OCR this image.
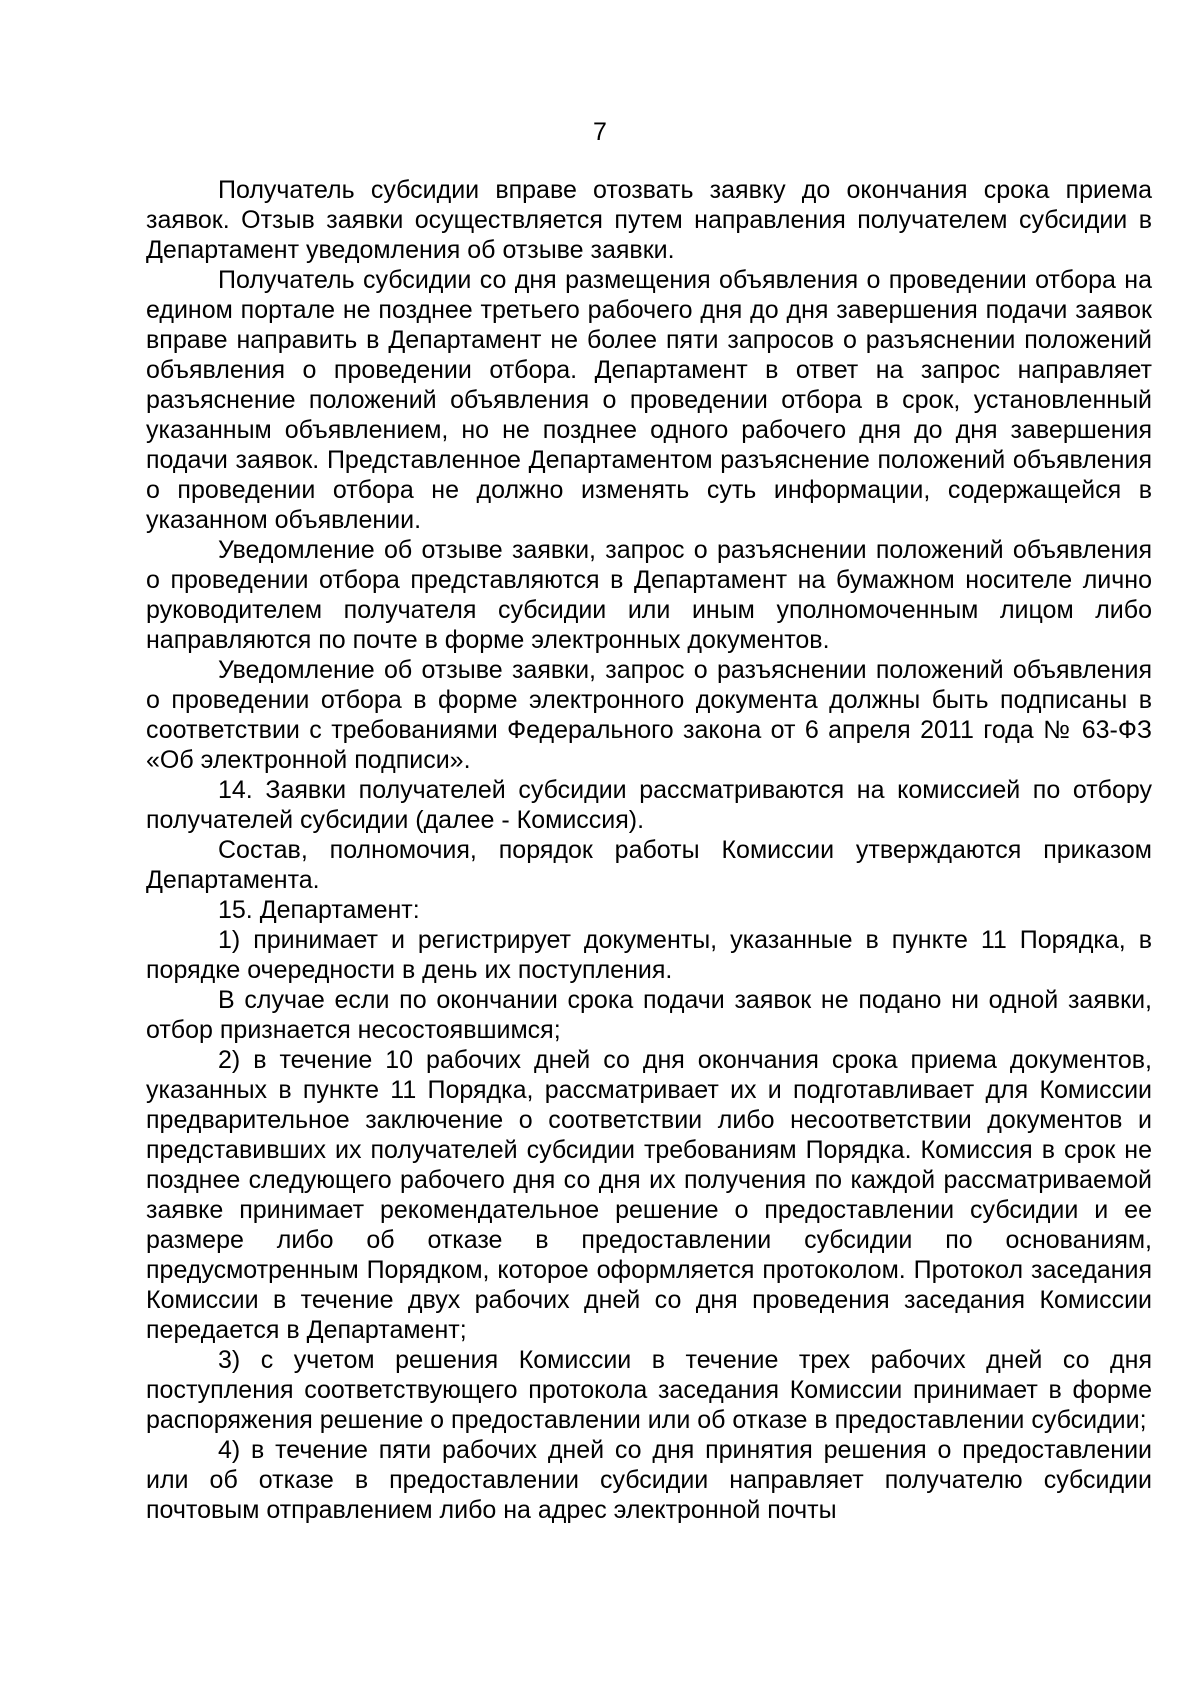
7

Получатель субсидии вправе отозвать заявку до окончания срока приема заявок. Отзыв заявки осуществляется путем направления получателем субсидии в Департамент уведомления об отзыве заявки.

Получатель субсидии со дня размещения объявления о проведении отбора на едином портале не позднее третьего рабочего дня до дня завершения подачи заявок вправе направить в Департамент не более пяти запросов о разъяснении положений объявления о проведении отбора. Департамент в ответ на запрос направляет разъяснение положений объявления о проведении отбора в срок, установленный указанным объявлением, но не позднее одного рабочего дня до дня завершения подачи заявок. Представленное Департаментом разъяснение положений объявления о проведении отбора не должно изменять суть информации, содержащейся в указанном объявлении.

Уведомление об отзыве заявки, запрос о разъяснении положений объявления о проведении отбора представляются в Департамент на бумажном носителе лично руководителем получателя субсидии или иным уполномоченным лицом либо направляются по почте в форме электронных документов.

Уведомление об отзыве заявки, запрос о разъяснении положений объявления о проведении отбора в форме электронного документа должны быть подписаны в соответствии с требованиями Федерального закона от 6 апреля 2011 года № 63-ФЗ «Об электронной подписи».

14. Заявки получателей субсидии рассматриваются на комиссией по отбору получателей субсидии (далее - Комиссия).

Состав, полномочия, порядок работы Комиссии утверждаются приказом Департамента.

15. Департамент:

1) принимает и регистрирует документы, указанные в пункте 11 Порядка, в порядке очередности в день их поступления.

В случае если по окончании срока подачи заявок не подано ни одной заявки, отбор признается несостоявшимся;

2) в течение 10 рабочих дней со дня окончания срока приема документов, указанных в пункте 11 Порядка, рассматривает их и подготавливает для Комиссии предварительное заключение о соответствии либо несоответствии документов и представивших их получателей субсидии требованиям Порядка. Комиссия в срок не позднее следующего рабочего дня со дня их получения по каждой рассматриваемой заявке принимает рекомендательное решение о предоставлении субсидии и ее размере либо об отказе в предоставлении субсидии по основаниям, предусмотренным Порядком, которое оформляется протоколом. Протокол заседания Комиссии в течение двух рабочих дней со дня проведения заседания Комиссии передается в Департамент;

3) с учетом решения Комиссии в течение трех рабочих дней со дня поступления соответствующего протокола заседания Комиссии принимает в форме распоряжения решение о предоставлении или об отказе в предоставлении субсидии;

4) в течение пяти рабочих дней со дня принятия решения о предоставлении или об отказе в предоставлении субсидии направляет получателю субсидии почтовым отправлением либо на адрес электронной почты
